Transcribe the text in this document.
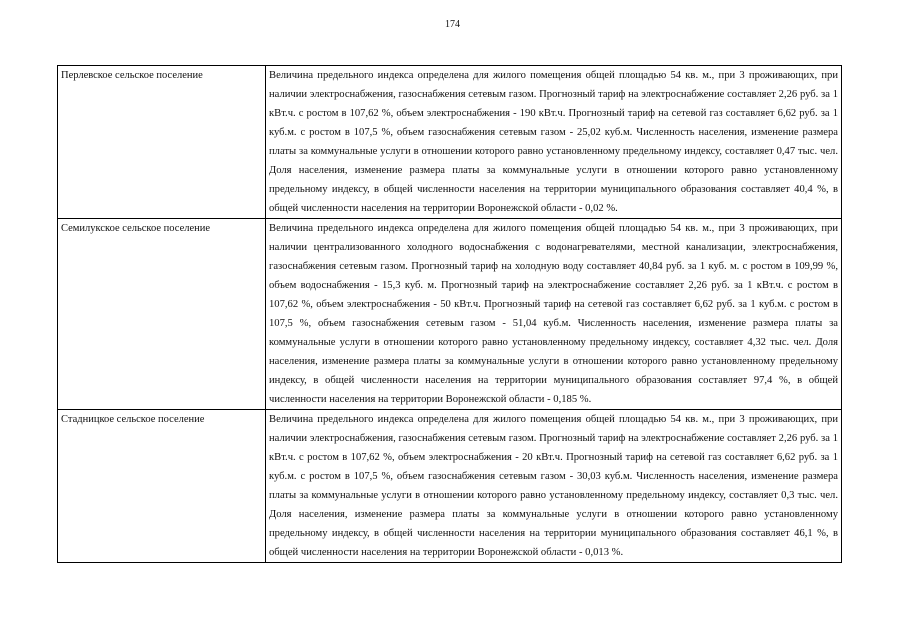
174
Перлевское сельское поселение	Величина предельного индекса определена для жилого помещения общей площадью 54 кв. м., при 3 проживающих, при наличии электроснабжения, газоснабжения сетевым газом. Прогнозный тариф на электроснабжение составляет 2,26 руб. за 1 кВт.ч. с ростом в 107,62 %, объем электроснабжения - 190 кВт.ч. Прогнозный тариф на сетевой газ составляет 6,62 руб. за 1 куб.м. с ростом в 107,5 %, объем газоснабжения сетевым газом - 25,02 куб.м. Численность населения, изменение размера платы за коммунальные услуги в отношении которого равно установленному предельному индексу, составляет 0,47 тыс. чел. Доля населения, изменение размера платы за коммунальные услуги в отношении которого равно установленному предельному индексу, в общей численности населения на территории муниципального образования составляет 40,4 %, в общей численности населения на территории Воронежской области - 0,02 %.

Семилукское сельское поселение	Величина предельного индекса определена для жилого помещения общей площадью 54 кв. м., при 3 проживающих, при наличии централизованного холодного водоснабжения с водонагревателями, местной канализации, электроснабжения, газоснабжения сетевым газом. Прогнозный тариф на холодную воду составляет 40,84 руб. за 1 куб. м. с ростом в 109,99 %, объем водоснабжения - 15,3 куб. м. Прогнозный тариф на электроснабжение составляет 2,26 руб. за 1 кВт.ч. с ростом в 107,62 %, объем электроснабжения - 50 кВт.ч. Прогнозный тариф на сетевой газ составляет 6,62 руб. за 1 куб.м. с ростом в 107,5 %, объем газоснабжения сетевым газом - 51,04 куб.м. Численность населения, изменение размера платы за коммунальные услуги в отношении которого равно установленному предельному индексу, составляет 4,32 тыс. чел. Доля населения, изменение размера платы за коммунальные услуги в отношении которого равно установленному предельному индексу, в общей численности населения на территории муниципального образования составляет 97,4 %, в общей численности населения на территории Воронежской области - 0,185 %.

Стадницкое сельское поселение	Величина предельного индекса определена для жилого помещения общей площадью 54 кв. м., при 3 проживающих, при наличии электроснабжения, газоснабжения сетевым газом. Прогнозный тариф на электроснабжение составляет 2,26 руб. за 1 кВт.ч. с ростом в 107,62 %, объем электроснабжения - 20 кВт.ч. Прогнозный тариф на сетевой газ составляет 6,62 руб. за 1 куб.м. с ростом в 107,5 %, объем газоснабжения сетевым газом - 30,03 куб.м. Численность населения, изменение размера платы за коммунальные услуги в отношении которого равно установленному предельному индексу, составляет 0,3 тыс. чел. Доля населения, изменение размера платы за коммунальные услуги в отношении которого равно установленному предельному индексу, в общей численности населения на территории муниципального образования составляет 46,1 %, в общей численности населения на территории Воронежской области - 0,013 %.
